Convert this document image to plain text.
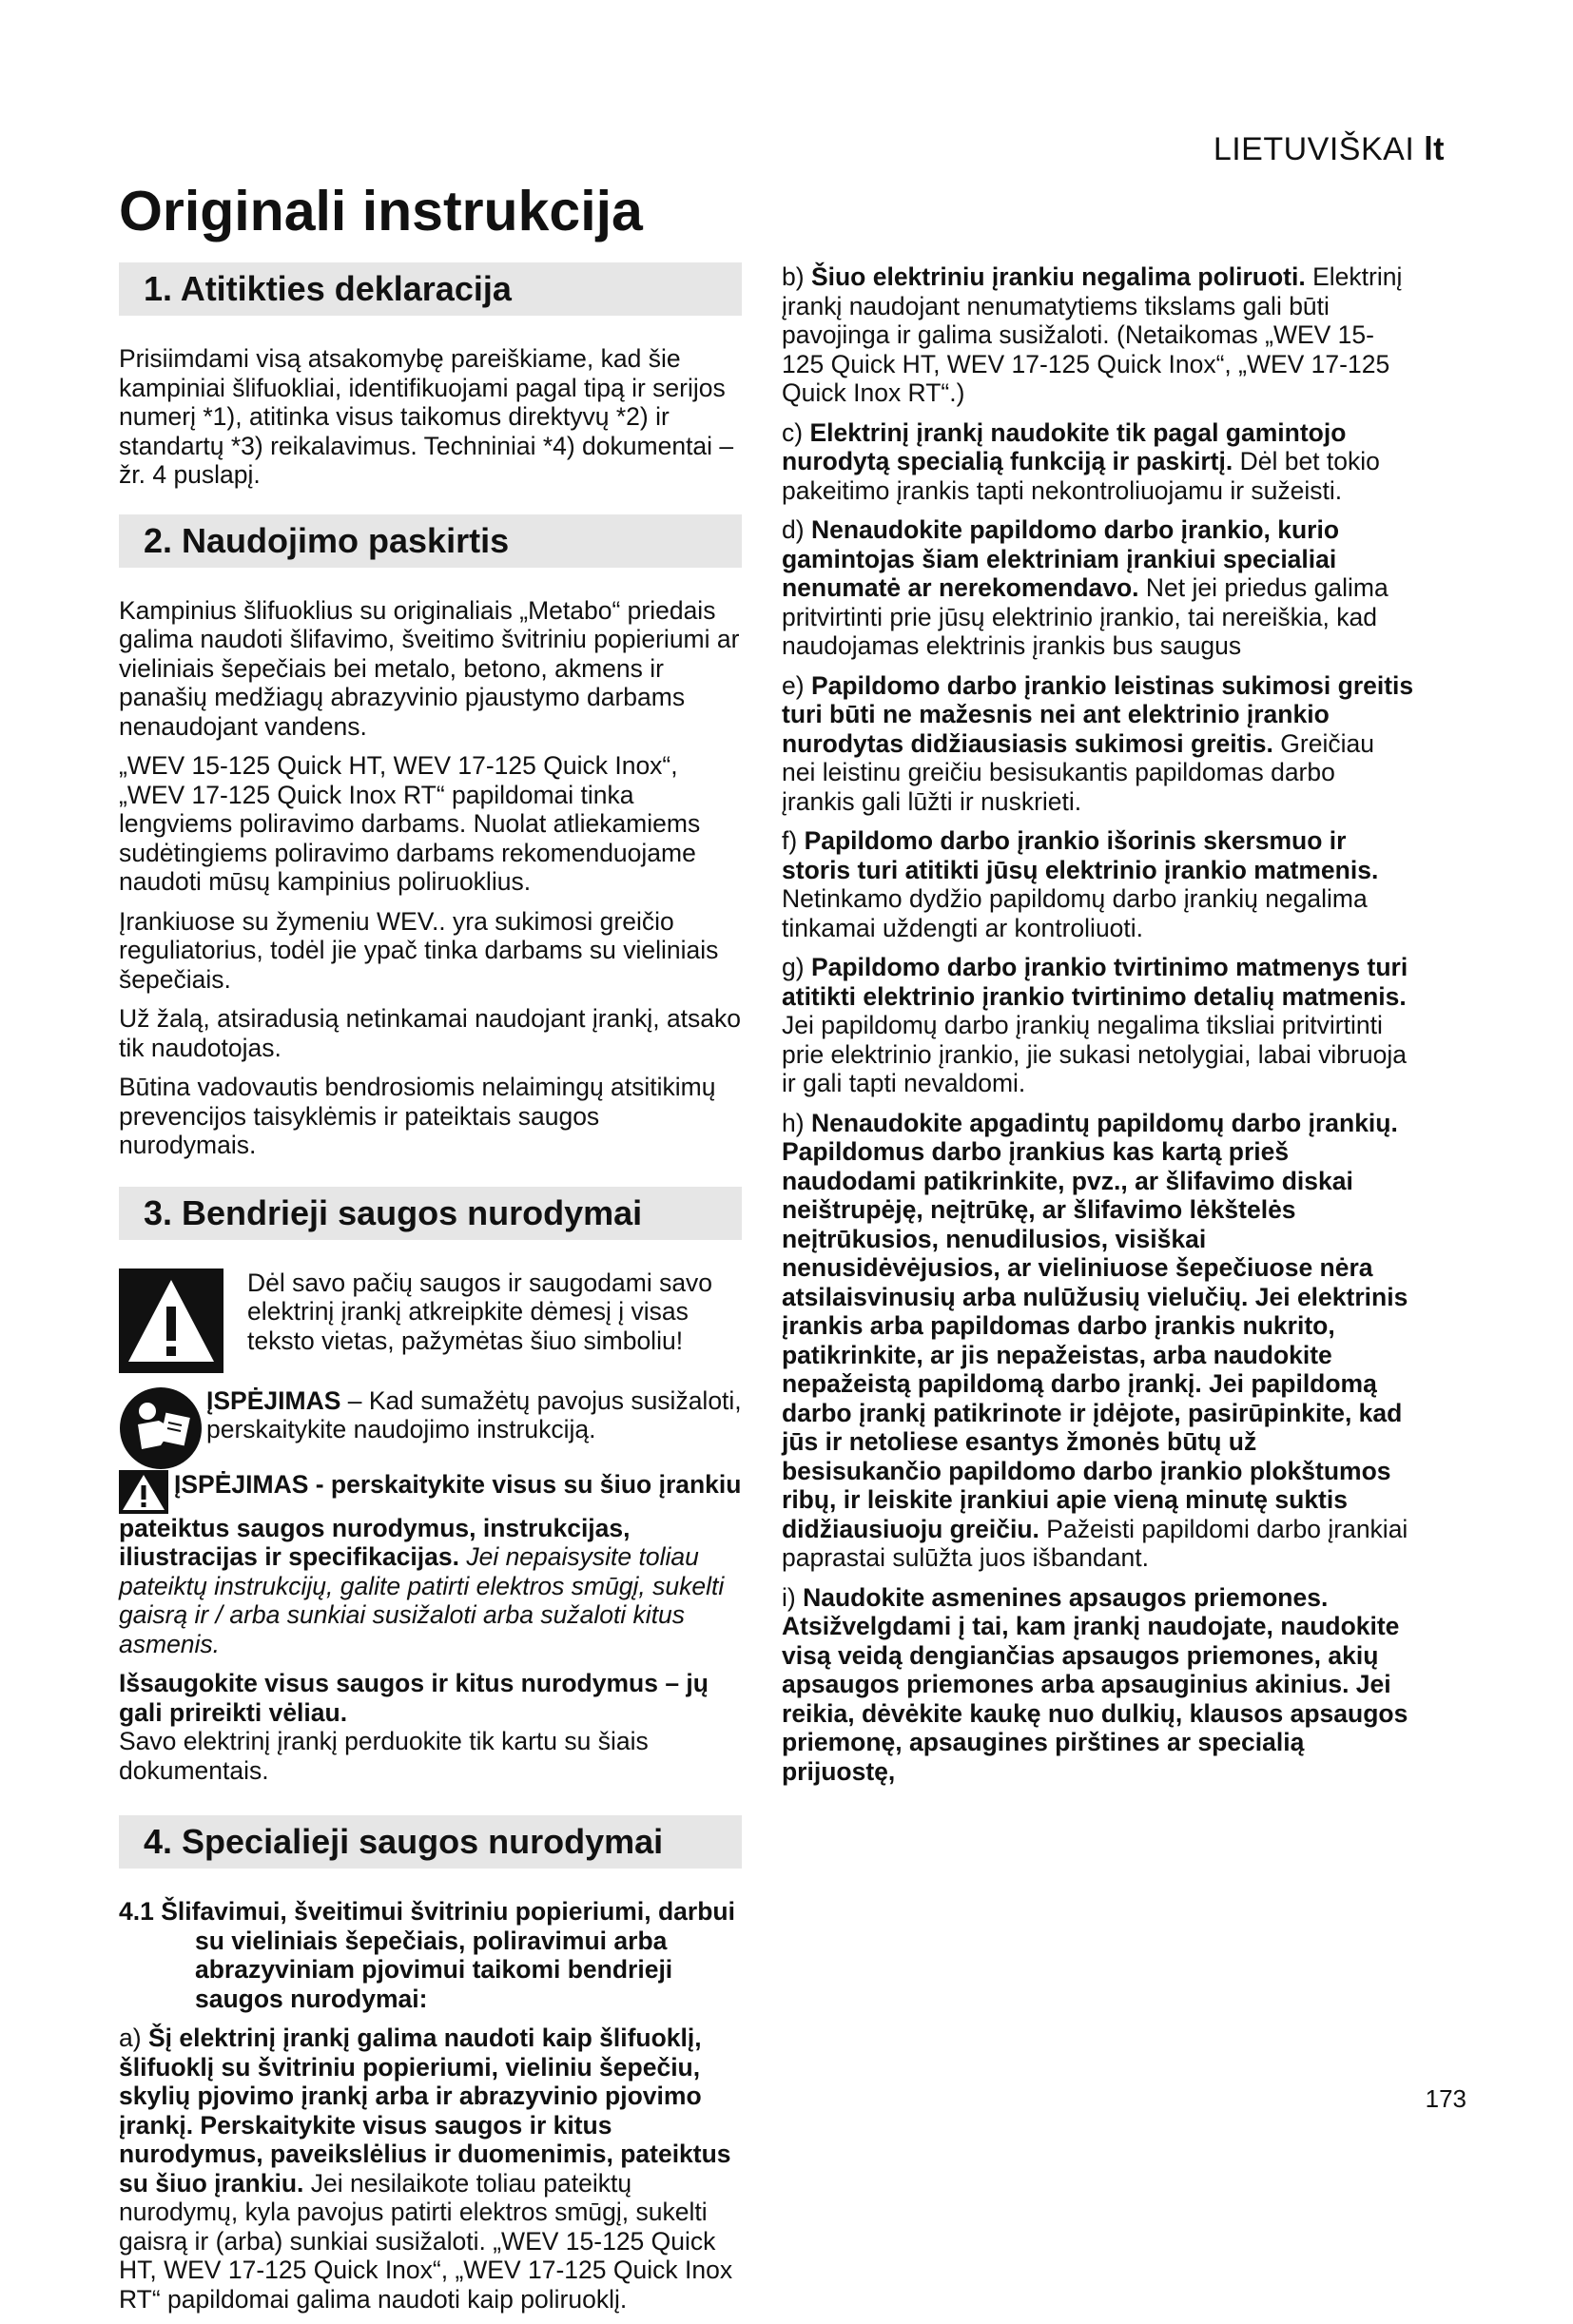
LIETUVIŠKAI lt
Originali instrukcija
1. Atitikties deklaracija

Prisiimdami visą atsakomybę pareiškiame, kad šie kampiniai šlifuokliai, identifikuojami pagal tipą ir serijos numerį *1), atitinka visus taikomus direktyvų *2) ir standartų *3) reikalavimus. Techniniai *4) dokumentai – žr. 4 puslapį.

2. Naudojimo paskirtis

Kampinius šlifuoklius su originaliais „Metabo“ priedais galima naudoti šlifavimo, šveitimo švitriniu popieriumi ar vieliniais šepečiais bei metalo, betono, akmens ir panašių medžiagų abrazyvinio pjaustymo darbams nenaudojant vandens.

„WEV 15-125 Quick HT, WEV 17-125 Quick Inox“, „WEV 17-125 Quick Inox RT“ papildomai tinka lengviems poliravimo darbams. Nuolat atliekamiems sudėtingiems poliravimo darbams rekomenduojame naudoti mūsų kampinius poliruoklius.

Įrankiuose su žymeniu WEV.. yra sukimosi greičio reguliatorius, todėl jie ypač tinka darbams su vieliniais šepečiais.

Už žalą, atsiradusią netinkamai naudojant įrankį, atsako tik naudotojas.

Būtina vadovautis bendrosiomis nelaimingų atsitikimų prevencijos taisyklėmis ir pateiktais saugos nurodymais.

3. Bendrieji saugos nurodymai

Dėl savo pačių saugos ir saugodami savo elektrinį įrankį atkreipkite dėmesį į visas teksto vietas, pažymėtas šiuo simboliu!

ĮSPĖJIMAS – Kad sumažėtų pavojus susižaloti, perskaitykite naudojimo instrukciją.

ĮSPĖJIMAS - perskaitykite visus su šiuo įrankiu pateiktus saugos nurodymus, instrukcijas, iliustracijas ir specifikacijas. Jei nepaisysite toliau pateiktų instrukcijų, galite patirti elektros smūgį, sukelti gaisrą ir / arba sunkiai susižaloti arba sužaloti kitus asmenis.

Išsaugokite visus saugos ir kitus nurodymus – jų gali prireikti vėliau.
Savo elektrinį įrankį perduokite tik kartu su šiais dokumentais.

4. Specialieji saugos nurodymai

4.1 Šlifavimui, šveitimui švitriniu popieriumi, darbui su vieliniais šepečiais, poliravimui arba abrazyviniam pjovimui taikomi bendrieji saugos nurodymai:

a) Šį elektrinį įrankį galima naudoti kaip šlifuoklį, šlifuoklį su švitriniu popieriumi, vieliniu šepečiu, skylių pjovimo įrankį arba ir abrazyvinio pjovimo įrankį. Perskaitykite visus saugos ir kitus nurodymus, paveikslėlius ir duomenimis, pateiktus su šiuo įrankiu. Jei nesilaikote toliau pateiktų nurodymų, kyla pavojus patirti elektros smūgį, sukelti gaisrą ir (arba) sunkiai susižaloti. „WEV 15-125 Quick HT, WEV 17-125 Quick Inox“, „WEV 17-125 Quick Inox RT“ papildomai galima naudoti kaip poliruoklį.

b) Šiuo elektriniu įrankiu negalima poliruoti. Elektrinį įrankį naudojant nenumatytiems tikslams gali būti pavojinga ir galima susižaloti. (Netaikomas „WEV 15-125 Quick HT, WEV 17-125 Quick Inox“, „WEV 17-125 Quick Inox RT“.)

c) Elektrinį įrankį naudokite tik pagal gamintojo nurodytą specialią funkciją ir paskirtį. Dėl bet tokio pakeitimo įrankis tapti nekontroliuojamu ir sužeisti.

d) Nenaudokite papildomo darbo įrankio, kurio gamintojas šiam elektriniam įrankiui specialiai nenumatė ar nerekomendavo. Net jei priedus galima pritvirtinti prie jūsų elektrinio įrankio, tai nereiškia, kad naudojamas elektrinis įrankis bus saugus

e) Papildomo darbo įrankio leistinas sukimosi greitis turi būti ne mažesnis nei ant elektrinio įrankio nurodytas didžiausiasis sukimosi greitis. Greičiau nei leistinu greičiu besisukantis papildomas darbo įrankis gali lūžti ir nuskrieti.

f) Papildomo darbo įrankio išorinis skersmuo ir storis turi atitikti jūsų elektrinio įrankio matmenis. Netinkamo dydžio papildomų darbo įrankių negalima tinkamai uždengti ar kontroliuoti.

g) Papildomo darbo įrankio tvirtinimo matmenys turi atitikti elektrinio įrankio tvirtinimo detalių matmenis. Jei papildomų darbo įrankių negalima tiksliai pritvirtinti prie elektrinio įrankio, jie sukasi netolygiai, labai vibruoja ir gali tapti nevaldomi.

h) Nenaudokite apgadintų papildomų darbo įrankių. Papildomus darbo įrankius kas kartą prieš naudodami patikrinkite, pvz., ar šlifavimo diskai neištrupėję, neįtrūkę, ar šlifavimo lėkštelės neįtrūkusios, nenudilusios, visiškai nenusidėvėjusios, ar vieliniuose šepečiuose nėra atsilaisvinusių arba nulūžusių vielučių. Jei elektrinis įrankis arba papildomas darbo įrankis nukrito, patikrinkite, ar jis nepažeistas, arba naudokite nepažeistą papildomą darbo įrankį. Jei papildomą darbo įrankį patikrinote ir įdėjote, pasirūpinkite, kad jūs ir netoliese esantys žmonės būtų už besisukančio papildomo darbo įrankio plokštumos ribų, ir leiskite įrankiui apie vieną minutę suktis didžiausiuoju greičiu. Pažeisti papildomi darbo įrankiai paprastai sulūžta juos išbandant.

i) Naudokite asmenines apsaugos priemones. Atsižvelgdami į tai, kam įrankį naudojate, naudokite visą veidą dengiančias apsaugos priemones, akių apsaugos priemones arba apsauginius akinius. Jei reikia, dėvėkite kaukę nuo dulkių, klausos apsaugos priemonę, apsaugines pirštines ar specialią prijuostę,

173
